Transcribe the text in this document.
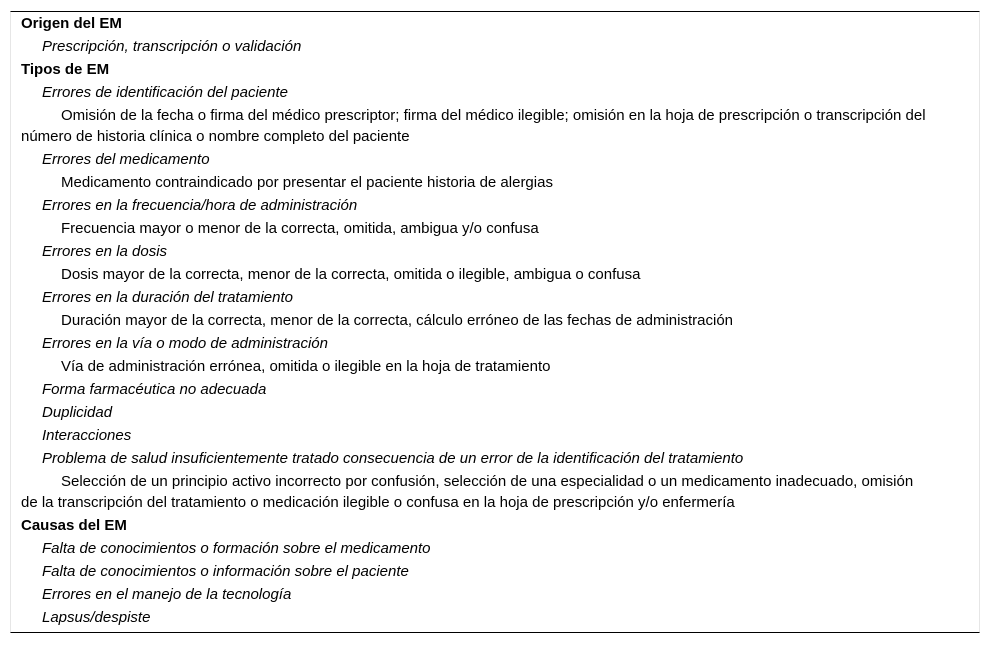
Origen del EM
Prescripción, transcripción o validación
Tipos de EM
Errores de identificación del paciente
Omisión de la fecha o firma del médico prescriptor; firma del médico ilegible; omisión en la hoja de prescripción o transcripción del número de historia clínica o nombre completo del paciente
Errores del medicamento
Medicamento contraindicado por presentar el paciente historia de alergias
Errores en la frecuencia/hora de administración
Frecuencia mayor o menor de la correcta, omitida, ambigua y/o confusa
Errores en la dosis
Dosis mayor de la correcta, menor de la correcta, omitida o ilegible, ambigua o confusa
Errores en la duración del tratamiento
Duración mayor de la correcta, menor de la correcta, cálculo erróneo de las fechas de administración
Errores en la vía o modo de administración
Vía de administración errónea, omitida o ilegible en la hoja de tratamiento
Forma farmacéutica no adecuada
Duplicidad
Interacciones
Problema de salud insuficientemente tratado consecuencia de un error de la identificación del tratamiento
Selección de un principio activo incorrecto por confusión, selección de una especialidad o un medicamento inadecuado, omisión de la transcripción del tratamiento o medicación ilegible o confusa en la hoja de prescripción y/o enfermería
Causas del EM
Falta de conocimientos o formación sobre el medicamento
Falta de conocimientos o información sobre el paciente
Errores en el manejo de la tecnología
Lapsus/despiste
